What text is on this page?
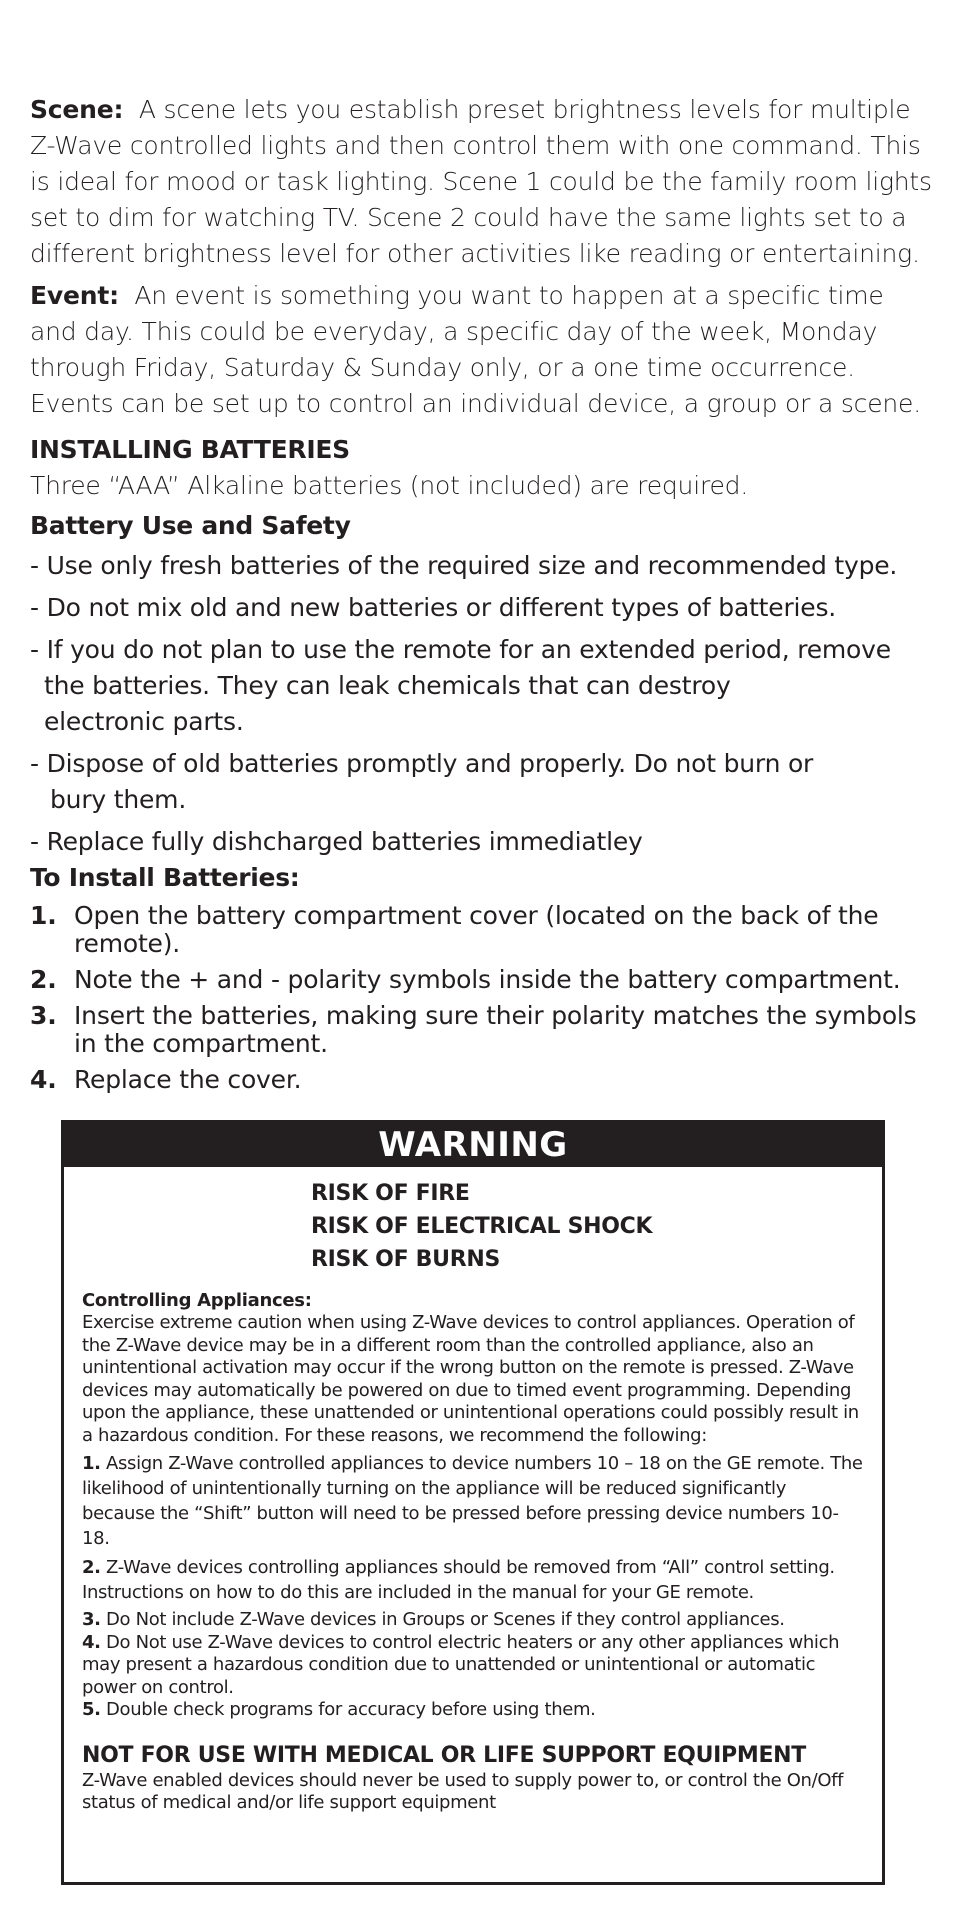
Scene: A scene lets you establish preset brightness levels for multiple Z-Wave controlled lights and then control them with one command. This is ideal for mood or task lighting. Scene 1 could be the family room lights set to dim for watching TV. Scene 2 could have the same lights set to a different brightness level for other activities like reading or entertaining.

Event: An event is something you want to happen at a specific time and day. This could be everyday, a specific day of the week, Monday through Friday, Saturday & Sunday only, or a one time occurrence. Events can be set up to control an individual device, a group or a scene.

INSTALLING BATTERIES
Three “AAA” Alkaline batteries (not included) are required.
Battery Use and Safety
- Use only fresh batteries of the required size and recommended type.
- Do not mix old and new batteries or different types of batteries.
- If you do not plan to use the remote for an extended period, remove
the batteries. They can leak chemicals that can destroy electronic parts.
- Dispose of old batteries promptly and properly. Do not burn or
bury them.
- Replace fully dishcharged batteries immediatley
To Install Batteries:
1. Open the battery compartment cover (located on the back of the remote).
2. Note the + and - polarity symbols inside the battery compartment.
3. Insert the batteries, making sure their polarity matches the symbols in the compartment.
4. Replace the cover.
WARNING
RISK OF FIRE
RISK OF ELECTRICAL SHOCK
RISK OF BURNS
Controlling Appliances:

Exercise extreme caution when using Z-Wave devices to control appliances. Operation of the Z-Wave device may be in a different room than the controlled appliance, also an unintentional activation may occur if the wrong button on the remote is pressed. Z-Wave devices may automatically be powered on due to timed event programming. Depending upon the appliance, these unattended or unintentional operations could possibly result in a hazardous condition. For these reasons, we recommend the following:

1. Assign Z-Wave controlled appliances to device numbers 10 – 18 on the GE remote. The likelihood of unintentionally turning on the appliance will be reduced significantly because the “Shift” button will need to be pressed before pressing device numbers 10-18.

2. Z-Wave devices controlling appliances should be removed from “All” control setting. Instructions on how to do this are included in the manual for your GE remote.

3. Do Not include Z-Wave devices in Groups or Scenes if they control appliances.

4. Do Not use Z-Wave devices to control electric heaters or any other appliances which may present a hazardous condition due to unattended or unintentional or automatic power on control.

5. Double check programs for accuracy before using them.

NOT FOR USE WITH MEDICAL OR LIFE SUPPORT EQUIPMENT

Z-Wave enabled devices should never be used to supply power to, or control the On/Off status of medical and/or life support equipment
